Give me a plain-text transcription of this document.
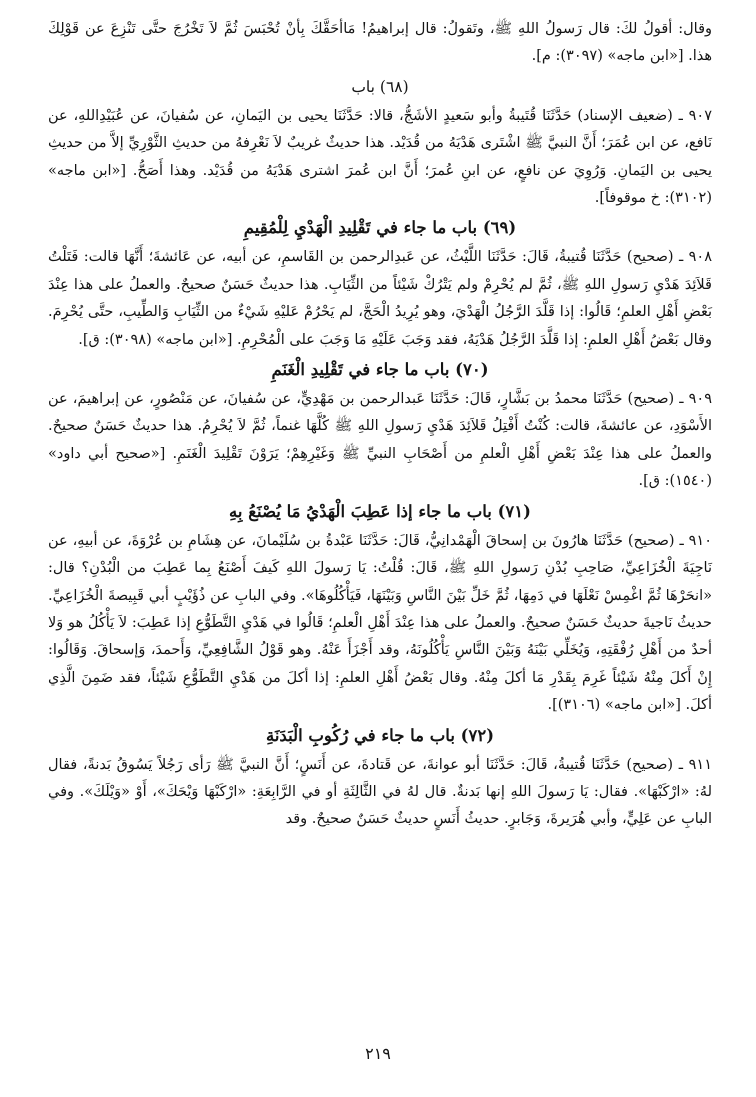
وقال: أقولُ لكَ: قال رَسولُ اللهِ ﷺ، وتَقولُ: قال إبراهيمُ! مَاأحَقَّكَ بِأنْ تُحْبَسَ ثُمَّ لاَ تَخْرُجَ حتَّى تَنْزِعَ عن قَوْلِكَ هذا. [«ابن ماجه» (٣٠٩٧): م].

(٦٨) باب

٩٠٧ ـ (ضعيف الإسناد) حَدَّثَنَا قُتَيبةُ وأبو سَعيدٍ الأشَجُّ، قالا: حَدَّثَنَا يحيى بن اليَمانِ، عن سُفيانَ، عن عُبَيْدِاللهِ، عن نَافع، عن ابن عُمَرَ؛ أَنَّ النبيَّ ﷺ اشْتَرى هَدْيَهُ من قُدَيْد. هذا حديثٌ غريبٌ لاَ نَعْرِفهُ من حديثِ الثَّوْرِيِّ إلاَّ من حديثِ يحيى بن اليَمانِ. وَرُوِيَ عن نافعٍ، عن ابنِ عُمرَ؛ أَنَّ ابن عُمرَ اشترى هَدْيَهُ من قُدَيْد. وهذا أَصَحُّ. [«ابن ماجه» (٣١٠٢): خ موقوفاً].

(٦٩) باب ما جاء في تَقْلِيدِ الْهَدْيِ لِلْمُقِيمِ

٩٠٨ ـ (صحيح) حَدَّثَنَا قُتيبةُ، قَالَ: حَدَّثَنَا اللَّيْثُ، عن عَبدِالرحمن بن القَاسمِ، عن أبيه، عن عَائشةَ؛ أَنَّهَا قالت: فَتَلْتُ قَلاَئِدَ هَدْيِ رَسولِ اللهِ ﷺ، ثُمَّ لم يُحْرِمْ ولم يَتْرُكْ شَيْئاً من الثِّيَابِ. هذا حديثٌ حَسَنٌ صحيحٌ. والعملُ على هذا عِنْدَ بَعْضِ أَهْلِ العلمِ؛ قَالُوا: إذا قَلَّدَ الرَّجُلُ الْهَدْيَ، وهو يُرِيدُ الْحَجَّ، لم يَحْرُمْ عَليْهِ شَيْءٌ من الثِّيَابِ وَالطِّيبِ، حتَّى يُحْرِمَ. وقال بَعْضُ أَهْلِ العلمِ: إذا قَلَّدَ الرَّجُلُ هَدْيَهُ، فقد وَجَبَ عَلَيْهِ مَا وَجَبَ على الْمُحْرِمِ. [«ابن ماجه» (٣٠٩٨): ق].

(٧٠) باب ما جاء في تَقْلِيدِ الْغَنَمِ

٩٠٩ ـ (صحيح) حَدَّثَنَا محمدُ بن بَشَّارٍ، قَالَ: حَدَّثَنَا عَبدالرحمن بن مَهْدِيٍّ، عن سُفيانَ، عن مَنْصُورٍ، عن إبراهيمَ، عن الأَسْوَدِ، عن عائشةَ، قالت: كُنْتُ أَفْتِلُ قَلاَئِدَ هَدْيِ رَسولِ اللهِ ﷺ كُلَّهَا غنماً، ثُمَّ لاَ يُحْرِمُ. هذا حديثٌ حَسَنٌ صحيحٌ. والعملُ على هذا عِنْدَ بَعْضِ أَهْلِ الْعلمِ من أَصْحَابِ النبيِّ ﷺ وَغَيْرِهِمْ؛ يَرَوْنَ تَقْلِيدَ الْغَنَمِ. [«صحيح أبي داود» (١٥٤٠): ق].

(٧١) باب ما جاء إذا عَطِبَ الْهَدْيُ مَا يُصْنَعُ بِهِ

٩١٠ ـ (صحيح) حَدَّثَنَا هارُونَ بن إسحاقَ الْهَمْدانِيُّ، قَالَ: حَدَّثَنَا عَبْدةُ بن سُلَيْمانَ، عن هِشَامِ بن عُرْوَةَ، عن أبيهِ، عن نَاجِيَةَ الْخُزَاعِيِّ، صَاحِبِ بُدْنِ رَسولِ اللهِ ﷺ، قَالَ: قُلْتُ: يَا رَسولَ اللهِ كَيفَ أَصْنَعُ بِما عَطِبَ من الْبُدْنِ؟ قال: «انحَرْهَا ثُمَّ اغْمِسْ نَعْلَهَا في دَمِهَا، ثُمَّ خَلِّ بَيْنَ النَّاسِ وَبَيْنَهَا، فَيَأْكُلُوهَا». وفي البابِ عن ذُؤَيْبٍ أبي قَبِيصةَ الْخُزَاعِيِّ. حديثُ نَاجيةَ حديثٌ حَسَنٌ صحيحٌ. والعملُ على هذا عِنْدَ أَهْلِ الْعلمِ؛ قَالُوا في هَدْيِ التَّطَوُّعِ إذا عَطِبَ: لاَ يَأْكُلُ هو وَلا أحدٌ من أَهْلِ رُفْقَتِهِ، وَيُخَلِّي بَيْنَهُ وَبَيْنَ النَّاسِ يَأْكُلُونَهُ، وقد أَجْزَأَ عَنْهُ. وهو قَوْلُ الشَّافِعِيِّ، وَأَحمدَ، وَإسحاقَ. وَقَالُوا: إِنْ أَكلَ مِنْهُ شَيْئاً غَرِمَ بِقَدْرِ مَا أكلَ مِنْهُ. وقال بَعْضُ أَهْلِ العلمِ: إذا أكلَ من هَدْيِ التَّطَوُّعِ شَيْئاً، فقد ضَمِنَ الَّذِي أكلَ. [«ابن ماجه» (٣١٠٦)].

(٧٢) باب ما جاء في رُكُوبِ الْبَدَنَةِ

٩١١ ـ (صحيح) حَدَّثَنَا قُتيبةُ، قَالَ: حَدَّثَنَا أبو عوانةَ، عن قَتادةَ، عن أَنَسٍ؛ أَنَّ النبيَّ ﷺ رَأى رَجُلاً يَسُوقُ بَدنةً، فقال لهُ: «ارْكَبْهَا». فقال: يَا رَسولَ اللهِ إنها بَدنةٌ. قال لهُ في الثَّالِثَةِ أو في الرَّابِعَةِ: «ارْكَبْهَا وَيْحَكَ»، أَوْ «وَيْلَكَ». وفي البابِ عن عَلِيٍّ، وأبي هُرَيرةَ، وَجَابرٍ. حديثُ أَنَسٍ حديثٌ حَسَنٌ صحيحٌ. وقد

٢١٩
